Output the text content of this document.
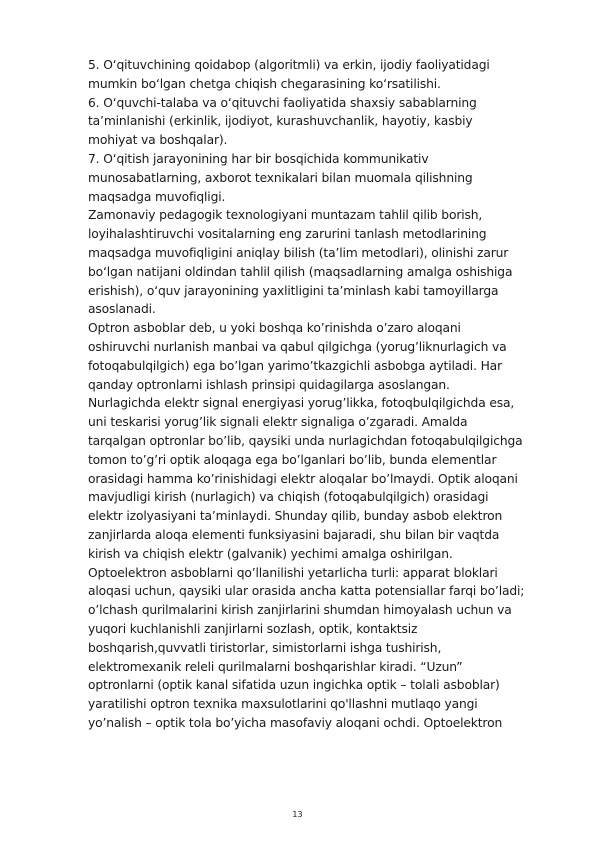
5. O‘qituvchining qoidabop (algoritmli) va erkin, ijodiy faoliyatidagi
mumkin bo‘lgan chetga chiqish chegarasining ko‘rsatilishi.
6. O‘quvchi-talaba va o‘qituvchi faoliyatida shaxsiy sabablarning
ta’minlanishi (erkinlik, ijodiyot, kurashuvchanlik, hayotiy, kasbiy
mohiyat va boshqalar).
7. O‘qitish jarayonining har bir bosqichida kommunikativ
munosabatlarning, axborot texnikalari bilan muomala qilishning
maqsadga muvofiqligi.
Zamonaviy pedagogik texnologiyani muntazam tahlil qilib borish,
loyihalashtiruvchi vositalarning eng zarurini tanlash metodlarining
maqsadga muvofiqligini aniqlay bilish (ta’lim metodlari), olinishi zarur
bo‘lgan natijani oldindan tahlil qilish (maqsadlarning amalga oshishiga
erishish), o‘quv jarayonining yaxlitligini ta’minlash kabi tamoyillarga
asoslanadi.
Optron asboblar deb, u yoki boshqa ko’rinishda o’zaro aloqani
oshiruvchi nurlanish manbai va qabul qilgichga (yorug’liknurlagich va
fotoqabulqilgich) ega bo’lgan yarimo’tkazgichli asbobga aytiladi. Har
qanday optronlarni ishlash prinsipi quidagilarga asoslangan.
Nurlagichda elektr signal energiyasi yorug’likka, fotoqbulqilgichda esa,
uni teskarisi yorug’lik signali elektr signaliga o’zgaradi. Amalda
tarqalgan optronlar bo’lib, qaysiki unda nurlagichdan fotoqabulqilgichga
tomon to’g’ri optik aloqaga ega bo’lganlari bo’lib, bunda elementlar
orasidagi hamma ko’rinishidagi elektr aloqalar bo’lmaydi. Optik aloqani
mavjudligi kirish (nurlagich) va chiqish (fotoqabulqilgich) orasidagi
elektr izolyasiyani ta’minlaydi. Shunday qilib, bunday asbob elektron
zanjirlarda aloqa elementi funksiyasini bajaradi, shu bilan bir vaqtda
kirish va chiqish elektr (galvanik) yechimi amalga oshirilgan.
Optoelektron asboblarni qo’llanilishi yetarlicha turli: apparat bloklari
aloqasi uchun, qaysiki ular orasida ancha katta potensiallar farqi bo’ladi;
o’lchash qurilmalarini kirish zanjirlarini shumdan himoyalash uchun va
yuqori kuchlanishli zanjirlarni sozlash, optik, kontaktsiz
boshqarish,quvvatli tiristorlar, simistorlarni ishga tushirish,
elektromexanik releli qurilmalarni boshqarishlar kiradi. “Uzun”
optronlarni (optik kanal sifatida uzun ingichka optik – tolali asboblar)
yaratilishi optron texnika maxsulotlarini qo'llashni mutlaqo yangi
yo’nalish – optik tola bo’yicha masofaviy aloqani ochdi. Optoelektron
13
